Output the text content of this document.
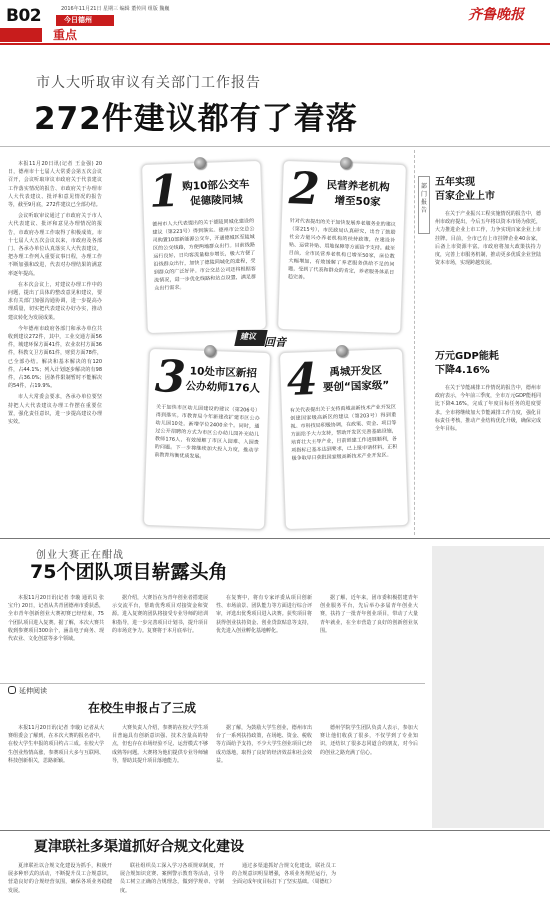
B02	2016年11月21日 星期三 编辑 董传同 组版 魏巍
今日德州	齐鲁晚报
重点
市人大听取审议有关部门工作报告
272件建议都有了着落

本报11月20日讯(记者 王金强) 20日，德州市十七届人大常委会第五次会议召开，会议听取审议市政府关于代表建议工作落实情况的报告、市政府关于办理市人大代表建议、批评和意见情况的报告等，截至9月底，272件建议已全部办结。

会议听取审议通过了市政府关于市人大代表建议、批评和意见办理情况的报告，市政府办理工作取得了积极成效。市十七届人大五次会议以来，市政府及各部门、各承办单位认真落实人大代表建议，把办理工作列入重要议事日程，办理工作不断加强和改进，代表对办理结果的满意率逐年提高。

在本次会议上，对建议办理工作中的问题，提出了具体的整改意见和建议，要求有关部门加强沟通协调，进一步提高办理质量，切实把代表建议办好办实，推动建议转化为发展成果。

今年德州市政府各部门和承办单位共收到建议272件，其中，工业交通方面56件，城建环保方面41件，农业农村方面36件，科教文卫方面61件，财贸方面78件，已全部办结。解决和基本解决的有120件，占44.1%；列入计划逐步解决的有98件，占36.0%；因条件限制暂时不能解决的54件，占19.9%。

市人大常委会要求，各承办单位要坚持把人大代表建议办理工作摆在重要位置，强化责任意识，进一步提高建议办理实效。

1 购10部公交车
促德陵同城
德州市人大代表提出的关于德陵同城化建设的建议（第223号）得到落实。德州市公交总公司购置10部新能源公交车，开通德城区至陵城区的公交线路，方便两地群众出行。目前线路运行良好，日均客流量稳步增长，极大方便了沿线群众出行，加快了德陵同城化的进程，受到群众的广泛好评。市公交总公司还将根据客流情况，进一步优化线路和站点设置，满足群众出行需求。
2 民营养老机构
增至50家
针对代表提出的关于加快发展养老服务业的建议（第215号），市民政局认真研究，出台了鼓励社会力量兴办养老机构的扶持政策，在建设补贴、运营补贴、用地保障等方面给予支持。截至目前，全市民营养老机构已增至50家，床位数大幅增加，有效缓解了养老服务供给不足的问题，受到了代表和群众的肯定，养老服务体系日趋完善。
3 10处市区新招
公办幼师176人
关于加快市区幼儿园建设的建议（第206号）得到落实。市教育局今年新建改扩建市区公办幼儿园10处，新增学位2400余个。同时，通过公开招聘的方式为市区公办幼儿园补充幼儿教师176人，有效缓解了市区入园难、入园贵的问题。下一步将继续加大投入力度，推动学前教育均衡优质发展。
4	禹城开发区
要创“国家级”
有关代表提出关于支持禹城高新技术产业开发区创建国家级高新区的建议（第203号）得到重视。市科技局积极协调，在政策、资金、项目等方面给予大力支持，帮助开发区完善基础设施，培育壮大主导产业，目前创建工作进展顺利，各项指标已基本达到要求，已上报申请材料，正积极争取早日获批国家级高新技术产业开发区。
建议 回音
部门报告
五年实现
百家企业上市

在关于产业振兴工程实施情况的报告中，德州市政府提出，今后五年将以资本市场为依托，大力推进企业上市工作，力争实现百家企业上市挂牌。目前，全市已有上市挂牌企业40余家，后备上市资源丰富。市政府将加大政策扶持力度，完善上市服务机制，推动更多优质企业登陆资本市场，实现跨越发展。

万元GDP能耗
下降4.16%

在关于节能减排工作情况的报告中，德州市政府表示，今年前三季度，全市万元GDP能耗同比下降4.16%，完成了年度目标任务的进度要求。全市将继续加大节能减排工作力度，强化目标责任考核，推动产业结构优化升级，确保完成全年目标。

创业大赛正在酣战
75个团队项目崭露头角

本报11月20日讯(记者 李璇 通讯员 张宝升) 20日，记者从共青团德州市委获悉，全市青年创新创业大赛初赛已经结束，75个团队项目进入复赛。据了解，本次大赛共收到参赛项目300余个，涵盖电子商务、现代农业、文化创意等多个领域。

据介绍，大赛旨在为青年创业者搭建展示交流平台，帮助优秀项目对接资金和资源。进入复赛的团队将接受专业导师的培训和指导，进一步完善项目计划书，提升项目的市场竞争力。复赛将于本月底举行。

在复赛中，将有专家评委从项目创新性、市场前景、团队能力等方面进行综合评审，评选出优秀项目进入决赛。获奖项目将获得创业扶持资金、创业贷款贴息等支持，优先进入创业孵化基地孵化。

据了解，近年来，团市委积极搭建青年创业服务平台，先后举办多届青年创业大赛，扶持了一批青年创业项目，带动了大量青年就业，在全市营造了良好的创新创业氛围。

延伸阅读
在校生申报占了三成

本报11月20日讯(记者 李璇) 记者从大赛组委会了解到，在本次大赛的报名者中，在校大学生申报的项目约占三成。在校大学生创业热情高涨，参赛项目大多与互联网、科技创新相关，思路新颖。

大赛负责人介绍，参赛的在校大学生项目普遍具有创新意识强、技术含量高的特点，但也存在市场经验不足、运营模式不够成熟等问题。大赛将为他们提供专业导师辅导，帮助其提升项目落地能力。

据了解，为鼓励大学生创业，德州市出台了一系列扶持政策，在场地、资金、税收等方面给予支持，不少大学生创业项目已经成功落地，取得了良好的经济效益和社会效益。

德州学院学生团队负责人表示，参加大赛让他们收获了很多，不仅学到了专业知识，还结识了很多志同道合的朋友，对今后的创业之路充满了信心。

夏津联社多渠道抓好合规文化建设

夏津联社以合规文化建设为抓手，积极开展多种形式的活动，不断提升员工合规意识，营造良好的合规经营氛围，确保各项业务稳健发展。

联社组织员工深入学习各项规章制度，开展合规知识竞赛、案例警示教育等活动，引导员工树立正确的合规理念，做到学规章、守制度。

通过多渠道抓好合规文化建设，联社员工的合规意识明显增强，各项业务规范运行，为全面完成年度目标打下了坚实基础。（周德红）
